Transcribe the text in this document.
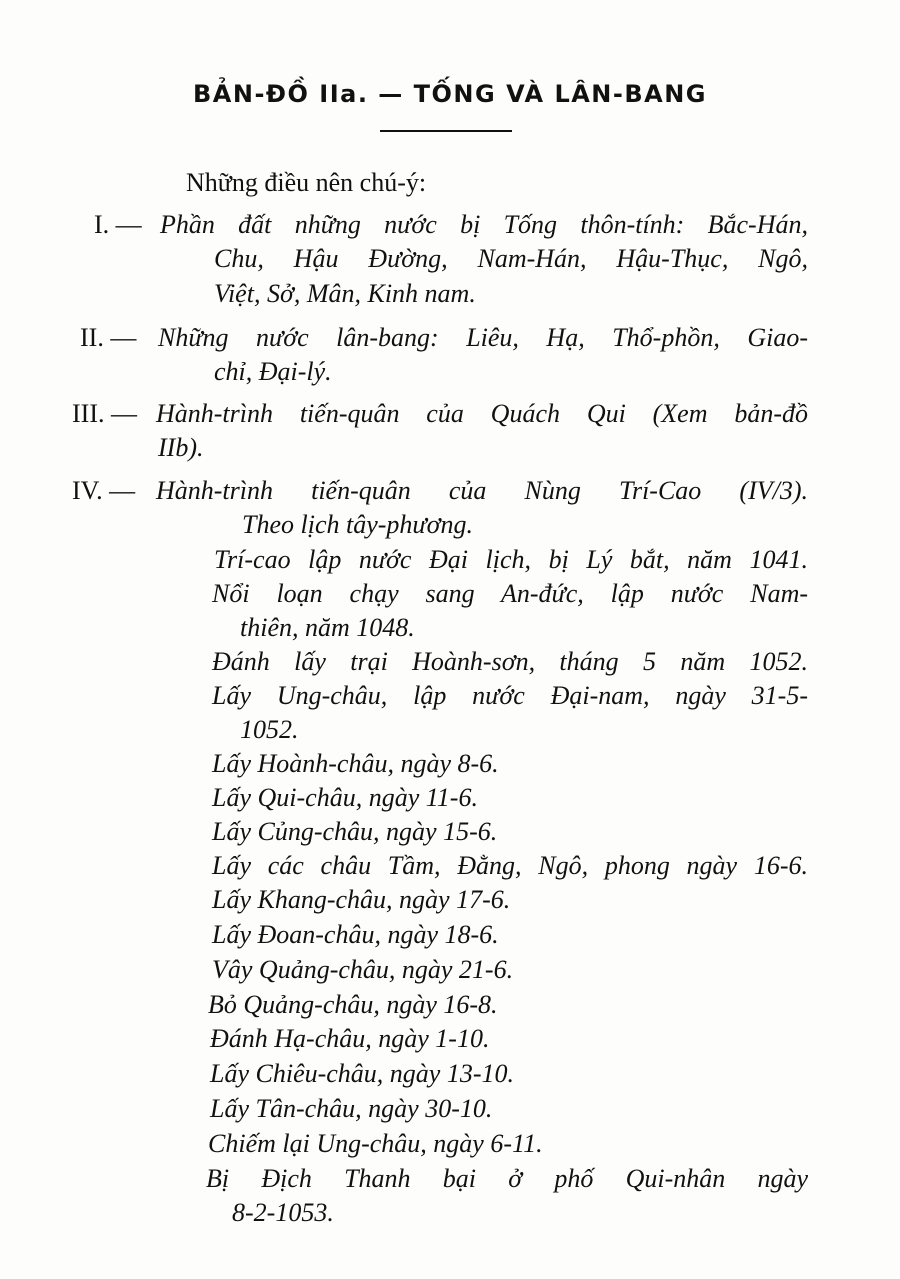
BẢN-ĐỒ IIa. — TỐNG VÀ LÂN-BANG
Những điều nên chú-ý:
I. — Phần đất những nước bị Tống thôn-tính: Bắc-Hán,
Chu, Hậu Đường, Nam-Hán, Hậu-Thục, Ngô,
Việt, Sở, Mân, Kinh nam.
II. — Những nước lân-bang: Liêu, Hạ, Thổ-phồn, Giao-
chỉ, Đại-lý.
III. — Hành-trình tiến-quân của Quách Qui (Xem bản-đồ
IIb).
IV. — Hành-trình tiến-quân của Nùng Trí-Cao (IV/3).
Theo lịch tây-phương.
Trí-cao lập nước Đại lịch, bị Lý bắt, năm 1041.
Nổi loạn chạy sang An-đức, lập nước Nam-
thiên, năm 1048.
Đánh lấy trại Hoành-sơn, tháng 5 năm 1052.
Lấy Ung-châu, lập nước Đại-nam, ngày 31-5-
1052.
Lấy Hoành-châu, ngày 8-6.
Lấy Qui-châu, ngày 11-6.
Lấy Củng-châu, ngày 15-6.
Lấy các châu Tầm, Đằng, Ngô, phong ngày 16-6.
Lấy Khang-châu, ngày 17-6.
Lấy Đoan-châu, ngày 18-6.
Vây Quảng-châu, ngày 21-6.
Bỏ Quảng-châu, ngày 16-8.
Đánh Hạ-châu, ngày 1-10.
Lấy Chiêu-châu, ngày 13-10.
Lấy Tân-châu, ngày 30-10.
Chiếm lại Ung-châu, ngày 6-11.
Bị Địch Thanh bại ở phố Qui-nhân ngày
8-2-1053.
